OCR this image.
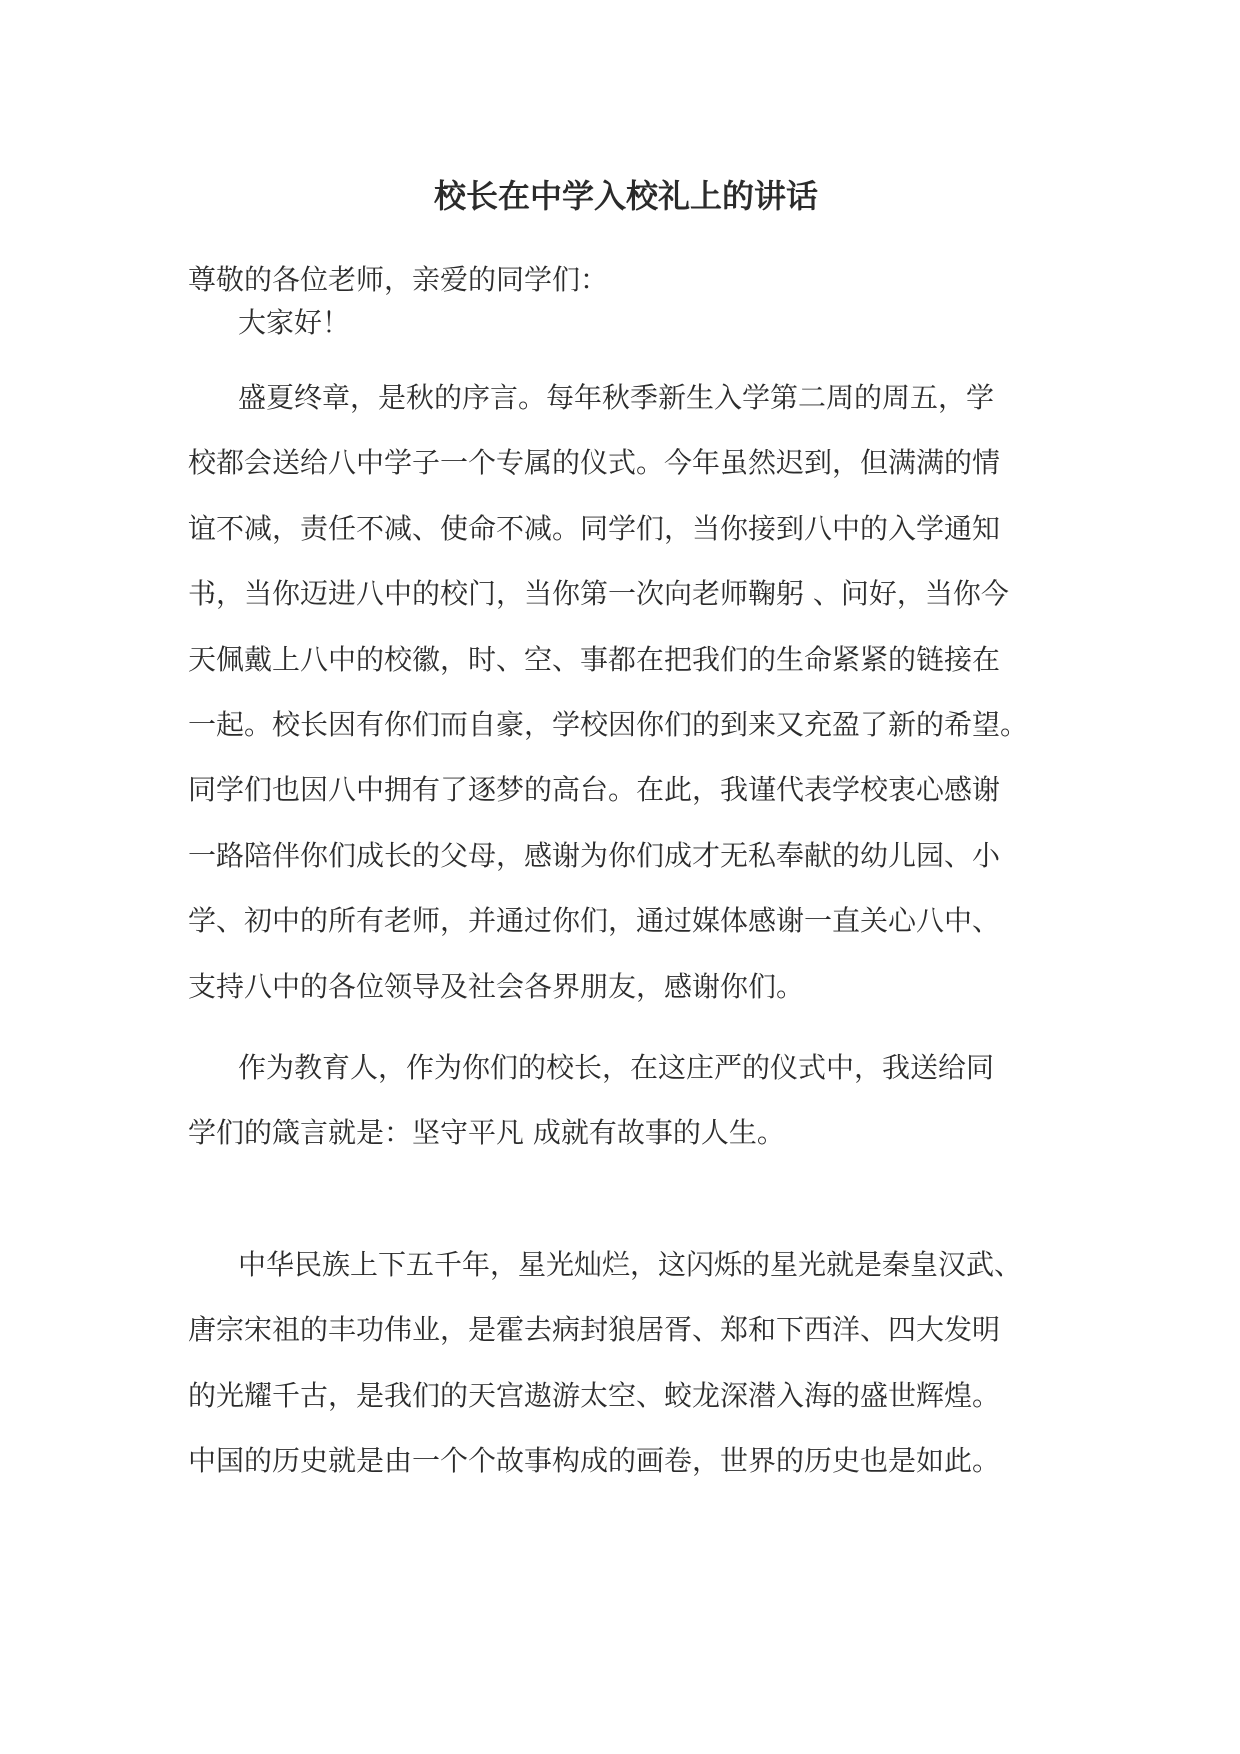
校长在中学入校礼上的讲话

尊敬的各位老师，亲爱的同学们：

大家好！

盛夏终章，是秋的序言。每年秋季新生入学第二周的周五，学
校都会送给八中学子一个专属的仪式。今年虽然迟到，但满满的情
谊不减，责任不减、使命不减。同学们，当你接到八中的入学通知
书，当你迈进八中的校门，当你第一次向老师鞠躬 、问好，当你今
天佩戴上八中的校徽，时、空、事都在把我们的生命紧紧的链接在
一起。校长因有你们而自豪，学校因你们的到来又充盈了新的希望。
同学们也因八中拥有了逐梦的高台。在此，我谨代表学校衷心感谢
一路陪伴你们成长的父母，感谢为你们成才无私奉献的幼儿园、小
学、初中的所有老师，并通过你们，通过媒体感谢一直关心八中、
支持八中的各位领导及社会各界朋友，感谢你们。

作为教育人，作为你们的校长，在这庄严的仪式中，我送给同
学们的箴言就是：坚守平凡 成就有故事的人生。

中华民族上下五千年，星光灿烂，这闪烁的星光就是秦皇汉武、
唐宗宋祖的丰功伟业，是霍去病封狼居胥、郑和下西洋、四大发明
的光耀千古，是我们的天宫遨游太空、蛟龙深潜入海的盛世辉煌。
中国的历史就是由一个个故事构成的画卷，世界的历史也是如此。
